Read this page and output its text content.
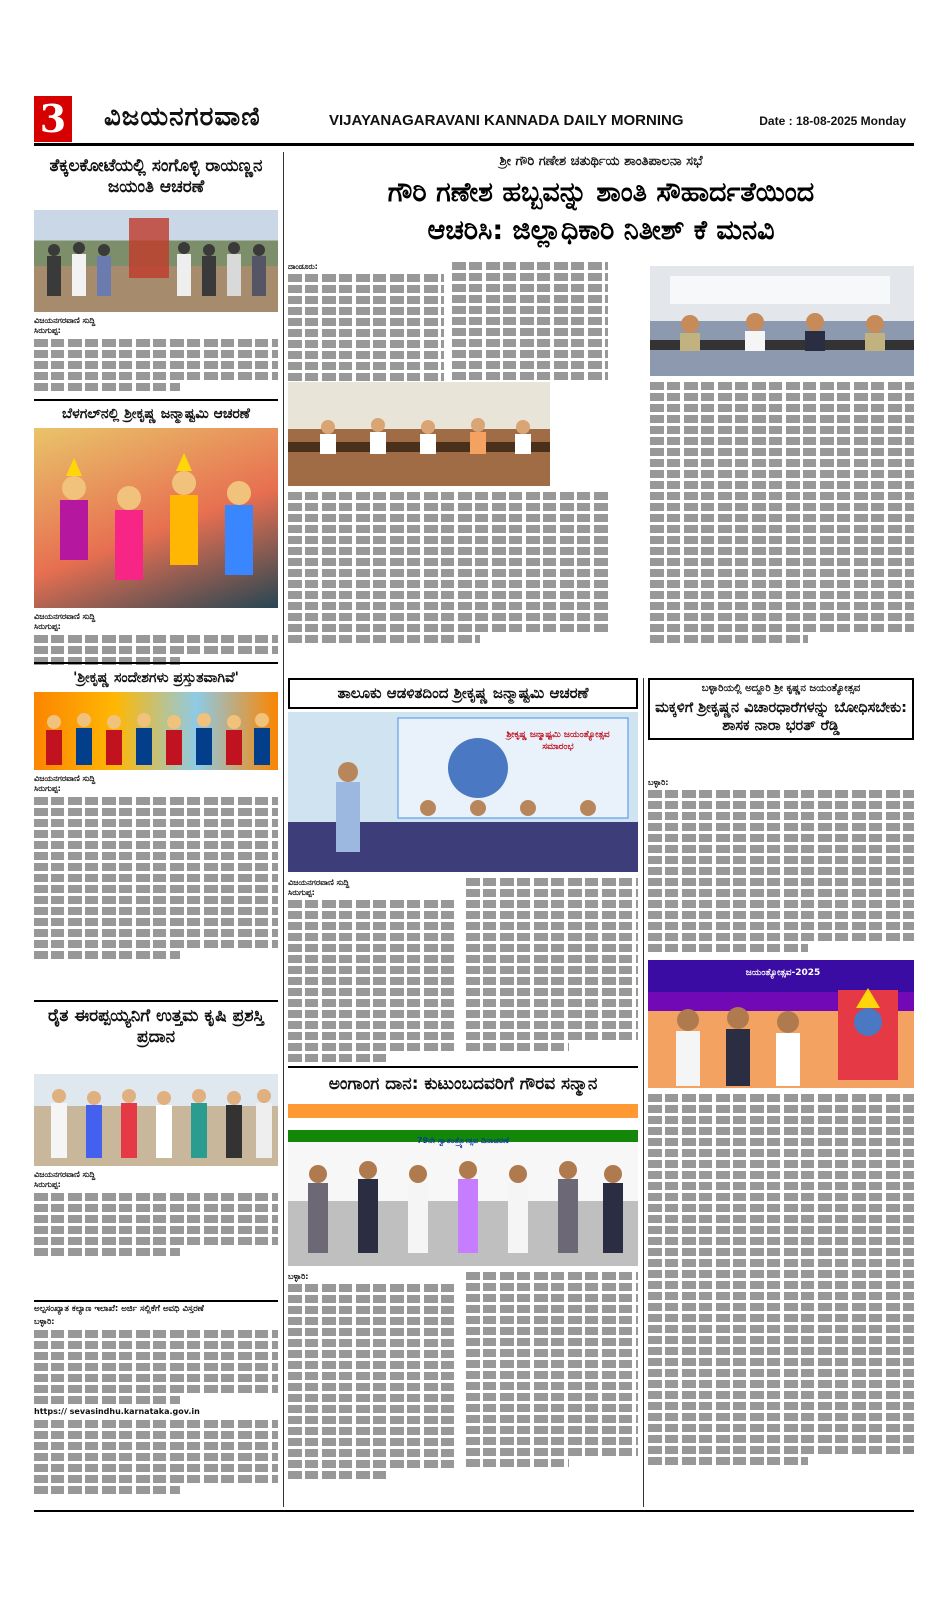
3 ವಿಜಯನಗರವಾಣಿ	VIJAYANAGARAVANI KANNADA DAILY MORNING	Date : 18-08-2025 Monday
ತೆಕ್ಕಲಕೋಟೆಯಲ್ಲಿ ಸಂಗೊಳ್ಳಿ ರಾಯಣ್ಣನ ಜಯಂತಿ ಆಚರಣೆ
ವಿಜಯನಗರವಾಣಿ ಸುದ್ದಿ
ಸಿರುಗುಪ್ಪ:
ಬೆಳಗಲ್‌ನಲ್ಲಿ ಶ್ರೀಕೃಷ್ಣ ಜನ್ಮಾಷ್ಟಮಿ ಆಚರಣೆ
ವಿಜಯನಗರವಾಣಿ ಸುದ್ದಿ
ಸಿರುಗುಪ್ಪ:
'ಶ್ರೀಕೃಷ್ಣ ಸಂದೇಶಗಳು ಪ್ರಸ್ತುತವಾಗಿವೆ'
ವಿಜಯನಗರವಾಣಿ ಸುದ್ದಿ
ಸಿರುಗುಪ್ಪ:
ರೈತ ಈರಪ್ಪಯ್ಯನಿಗೆ ಉತ್ತಮ ಕೃಷಿ ಪ್ರಶಸ್ತಿ ಪ್ರದಾನ
ವಿಜಯನಗರವಾಣಿ ಸುದ್ದಿ
ಸಿರುಗುಪ್ಪ:
ಅಲ್ಪಸಂಖ್ಯಾತ ಕಲ್ಯಾಣ ಇಲಾಖೆ: ಅರ್ಜಿ ಸಲ್ಲಿಕೆಗೆ ಅವಧಿ ವಿಸ್ತರಣೆ
ಬಳ್ಳಾರಿ:
https:// sevasindhu.karnataka.gov.in
ಶ್ರೀ ಗೌರಿ ಗಣೇಶ ಚತುರ್ಥಿಯ ಶಾಂತಿಪಾಲನಾ ಸಭೆ
ಗೌರಿ ಗಣೇಶ ಹಬ್ಬವನ್ನು ಶಾಂತಿ ಸೌಹಾರ್ದತೆಯಿಂದ
ಆಚರಿಸಿ: ಜಿಲ್ಲಾಧಿಕಾರಿ ನಿತೀಶ್ ಕೆ ಮನವಿ
ದಾಂಡೂರು:
ತಾಲೂಕು ಆಡಳಿತದಿಂದ ಶ್ರೀಕೃಷ್ಣ ಜನ್ಮಾಷ್ಟಮಿ ಆಚರಣೆ
ಶ್ರೀಕೃಷ್ಣ ಜನ್ಮಾಷ್ಟಮಿ ಜಯಂತ್ಯೋತ್ಸವ ಸಮಾರಂಭ
ವಿಜಯನಗರವಾಣಿ ಸುದ್ದಿ
ಸಿರುಗುಪ್ಪ:
ಅಂಗಾಂಗ ದಾನ: ಕುಟುಂಬದವರಿಗೆ ಗೌರವ ಸನ್ಮಾನ
79ನೇ ಸ್ವಾತಂತ್ರ್ಯೋತ್ಸವ ದಿನಾಚರಣೆ
ಬಳ್ಳಾರಿ:
ಬಳ್ಳಾರಿಯಲ್ಲಿ ಅದ್ದೂರಿ ಶ್ರೀ ಕೃಷ್ಣನ ಜಯಂತ್ಯೋತ್ಸವ
ಮಕ್ಕಳಿಗೆ ಶ್ರೀಕೃಷ್ಣನ ವಿಚಾರಧಾರೆಗಳನ್ನು ಬೋಧಿಸಬೇಕು: ಶಾಸಕ ನಾರಾ ಭರತ್ ರೆಡ್ಡಿ
ಬಳ್ಳಾರಿ:
ಜಯಂತ್ಯೋತ್ಸವ-2025
